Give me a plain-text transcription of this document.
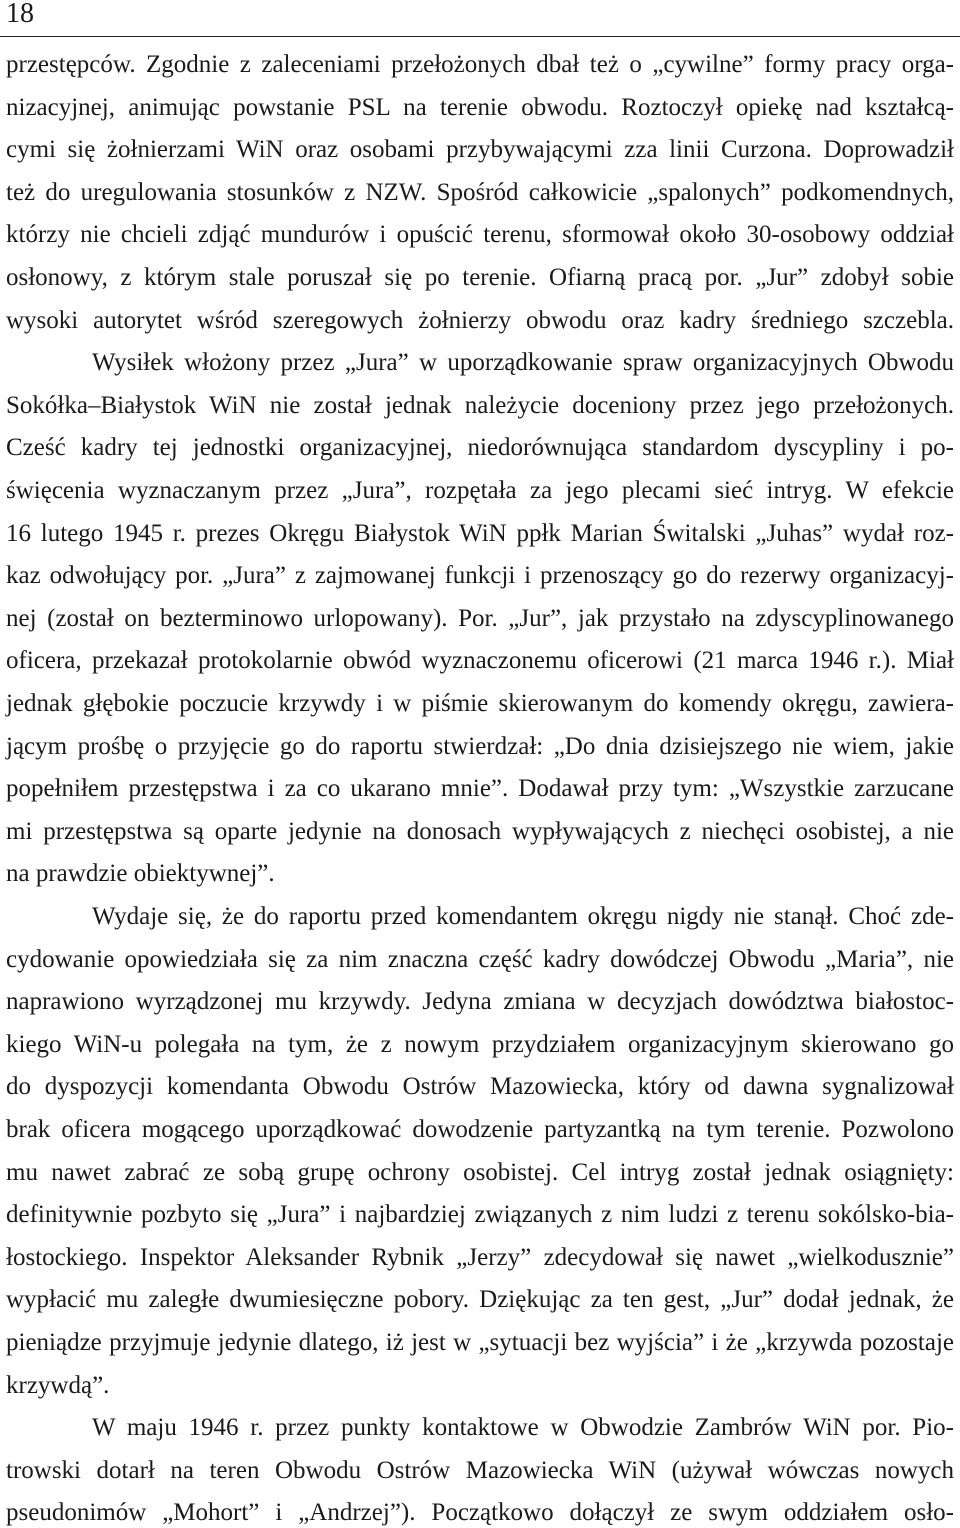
18
przestępców. Zgodnie z zaleceniami przełożonych dbał też o „cywilne” formy pracy orga-
nizacyjnej, animując powstanie PSL na terenie obwodu. Roztoczył opiekę nad kształcą-
cymi się żołnierzami WiN oraz osobami przybywającymi zza linii Curzona. Doprowadził
też do uregulowania stosunków z NZW. Spośród całkowicie „spalonych” podkomendnych,
którzy nie chcieli zdjąć mundurów i opuścić terenu, sformował około 30-osobowy oddział
osłonowy, z którym stale poruszał się po terenie. Ofiarną pracą por. „Jur” zdobył sobie
wysoki autorytet wśród szeregowych żołnierzy obwodu oraz kadry średniego szczebla.
Wysiłek włożony przez „Jura” w uporządkowanie spraw organizacyjnych Obwodu
Sokółka–Białystok WiN nie został jednak należycie doceniony przez jego przełożonych.
Cześć kadry tej jednostki organizacyjnej, niedorównująca standardom dyscypliny i po-
święcenia wyznaczanym przez „Jura”, rozpętała za jego plecami sieć intryg. W efekcie
16 lutego 1945 r. prezes Okręgu Białystok WiN ppłk Marian Świtalski „Juhas” wydał roz-
kaz odwołujący por. „Jura” z zajmowanej funkcji i przenoszący go do rezerwy organizacyj-
nej (został on bezterminowo urlopowany). Por. „Jur”, jak przystało na zdyscyplinowanego
oficera, przekazał protokolarnie obwód wyznaczonemu oficerowi (21 marca 1946 r.). Miał
jednak głębokie poczucie krzywdy i w piśmie skierowanym do komendy okręgu, zawiera-
jącym prośbę o przyjęcie go do raportu stwierdzał: „Do dnia dzisiejszego nie wiem, jakie
popełniłem przestępstwa i za co ukarano mnie”. Dodawał przy tym: „Wszystkie zarzucane
mi przestępstwa są oparte jedynie na donosach wypływających z niechęci osobistej, a nie
na prawdzie obiektywnej”.
Wydaje się, że do raportu przed komendantem okręgu nigdy nie stanął. Choć zde-
cydowanie opowiedziała się za nim znaczna część kadry dowódczej Obwodu „Maria”, nie
naprawiono wyrządzonej mu krzywdy. Jedyna zmiana w decyzjach dowództwa białostoc-
kiego WiN-u polegała na tym, że z nowym przydziałem organizacyjnym skierowano go
do dyspozycji komendanta Obwodu Ostrów Mazowiecka, który od dawna sygnalizował
brak oficera mogącego uporządkować dowodzenie partyzantką na tym terenie. Pozwolono
mu nawet zabrać ze sobą grupę ochrony osobistej. Cel intryg został jednak osiągnięty:
definitywnie pozbyto się „Jura” i najbardziej związanych z nim ludzi z terenu sokólsko-bia-
łostockiego. Inspektor Aleksander Rybnik „Jerzy” zdecydował się nawet „wielkodusznie”
wypłacić mu zaległe dwumiesięczne pobory. Dziękując za ten gest, „Jur” dodał jednak, że
pieniądze przyjmuje jedynie dlatego, iż jest w „sytuacji bez wyjścia” i że „krzywda pozostaje
krzywdą”.
W maju 1946 r. przez punkty kontaktowe w Obwodzie Zambrów WiN por. Pio-
trowski dotarł na teren Obwodu Ostrów Mazowiecka WiN (używał wówczas nowych
pseudonimów „Mohort” i „Andrzej”). Początkowo dołączył ze swym oddziałem osło-
